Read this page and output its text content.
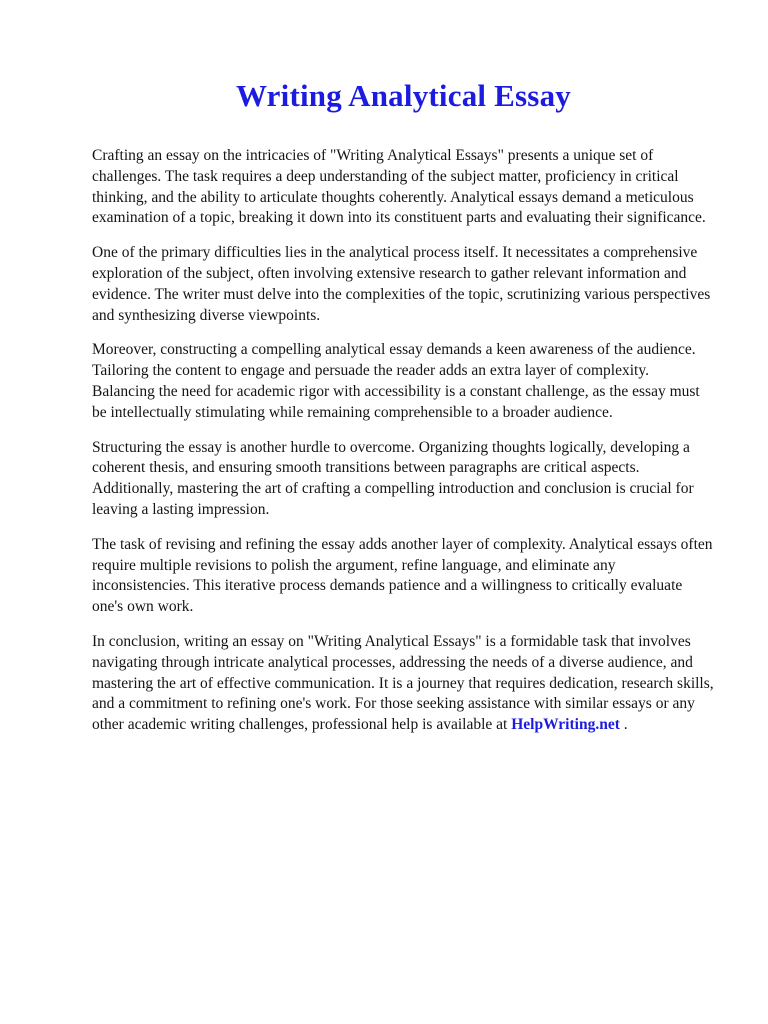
Writing Analytical Essay

Crafting an essay on the intricacies of "Writing Analytical Essays" presents a unique set of challenges. The task requires a deep understanding of the subject matter, proficiency in critical thinking, and the ability to articulate thoughts coherently. Analytical essays demand a meticulous examination of a topic, breaking it down into its constituent parts and evaluating their significance.

One of the primary difficulties lies in the analytical process itself. It necessitates a comprehensive exploration of the subject, often involving extensive research to gather relevant information and evidence. The writer must delve into the complexities of the topic, scrutinizing various perspectives and synthesizing diverse viewpoints.

Moreover, constructing a compelling analytical essay demands a keen awareness of the audience. Tailoring the content to engage and persuade the reader adds an extra layer of complexity. Balancing the need for academic rigor with accessibility is a constant challenge, as the essay must be intellectually stimulating while remaining comprehensible to a broader audience.

Structuring the essay is another hurdle to overcome. Organizing thoughts logically, developing a coherent thesis, and ensuring smooth transitions between paragraphs are critical aspects. Additionally, mastering the art of crafting a compelling introduction and conclusion is crucial for leaving a lasting impression.

The task of revising and refining the essay adds another layer of complexity. Analytical essays often require multiple revisions to polish the argument, refine language, and eliminate any inconsistencies. This iterative process demands patience and a willingness to critically evaluate one's own work.

In conclusion, writing an essay on "Writing Analytical Essays" is a formidable task that involves navigating through intricate analytical processes, addressing the needs of a diverse audience, and mastering the art of effective communication. It is a journey that requires dedication, research skills, and a commitment to refining one's work. For those seeking assistance with similar essays or any other academic writing challenges, professional help is available at HelpWriting.net .
